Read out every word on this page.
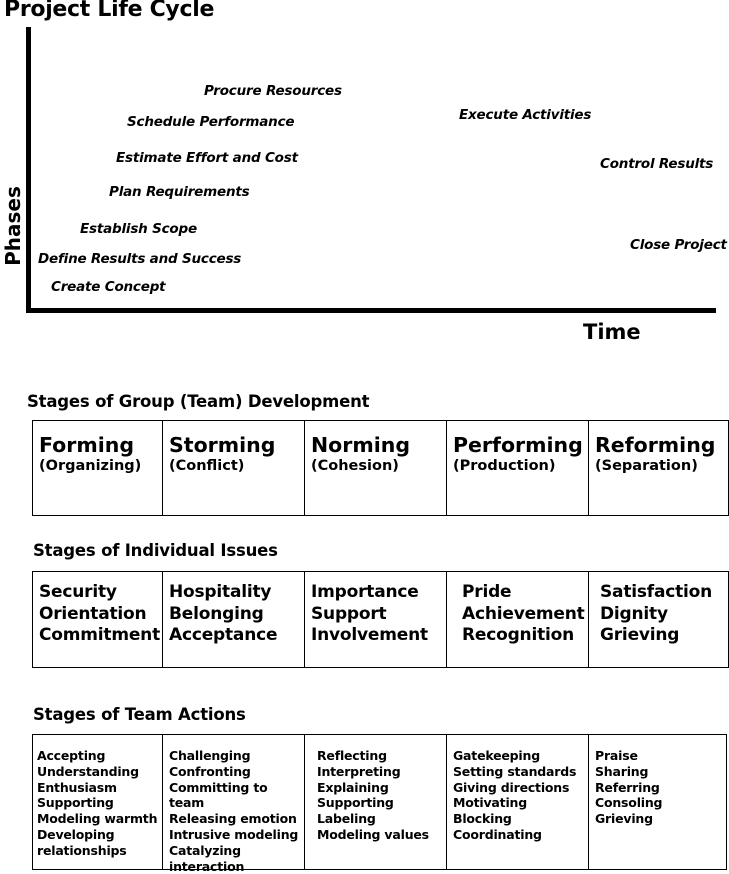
Project Life Cycle
Phases
Time
Create Concept
Define Results and Success
Establish Scope
Plan Requirements
Estimate Effort and Cost
Schedule Performance
Procure Resources
Execute Activities
Control Results
Close Project
Stages of Group (Team) Development
Forming
(Organizing)
Storming
(Conflict)
Norming
(Cohesion)
Performing
(Production)
Reforming
(Separation)
Stages of Individual Issues
Security
Orientation
Commitment
Hospitality
Belonging
Acceptance
Importance
Support
Involvement
Pride
Achievement
Recognition
Satisfaction
Dignity
Grieving
Stages of Team Actions
Accepting
Understanding
Enthusiasm
Supporting
Modeling warmth
Developing
relationships
Challenging
Confronting
Committing to team
Releasing emotion
Intrusive modeling
Catalyzing
interaction
Reflecting
Interpreting
Explaining
Supporting
Labeling
Modeling values
Gatekeeping
Setting standards
Giving directions
Motivating
Blocking
Coordinating
Praise
Sharing
Referring
Consoling
Grieving
